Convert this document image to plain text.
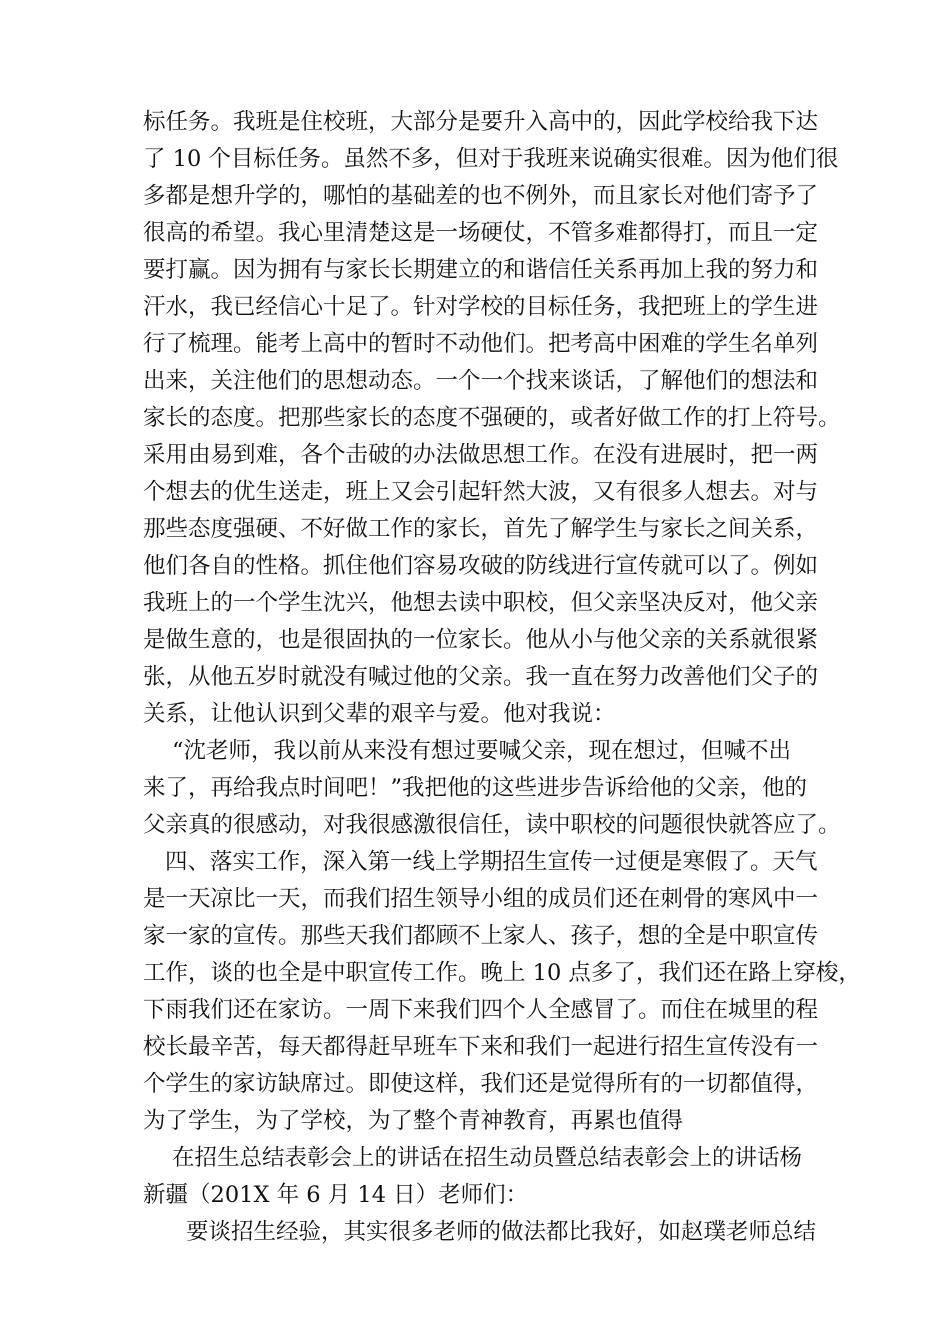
标任务。我班是住校班，大部分是要升入高中的，因此学校给我下达
了 10 个目标任务。虽然不多，但对于我班来说确实很难。因为他们很
多都是想升学的，哪怕的基础差的也不例外，而且家长对他们寄予了
很高的希望。我心里清楚这是一场硬仗，不管多难都得打，而且一定
要打赢。因为拥有与家长长期建立的和谐信任关系再加上我的努力和
汗水，我已经信心十足了。针对学校的目标任务，我把班上的学生进
行了梳理。能考上高中的暂时不动他们。把考高中困难的学生名单列
出来，关注他们的思想动态。一个一个找来谈话，了解他们的想法和
家长的态度。把那些家长的态度不强硬的，或者好做工作的打上符号。
采用由易到难，各个击破的办法做思想工作。在没有进展时，把一两
个想去的优生送走，班上又会引起轩然大波，又有很多人想去。对与
那些态度强硬、不好做工作的家长，首先了解学生与家长之间关系，
他们各自的性格。抓住他们容易攻破的防线进行宣传就可以了。例如
我班上的一个学生沈兴，他想去读中职校，但父亲坚决反对，他父亲
是做生意的，也是很固执的一位家长。他从小与他父亲的关系就很紧
张，从他五岁时就没有喊过他的父亲。我一直在努力改善他们父子的
关系，让他认识到父辈的艰辛与爱。他对我说：
“沈老师，我以前从来没有想过要喊父亲，现在想过，但喊不出
来了，再给我点时间吧！”我把他的这些进步告诉给他的父亲，他的
父亲真的很感动，对我很感激很信任，读中职校的问题很快就答应了。
四、落实工作，深入第一线上学期招生宣传一过便是寒假了。天气
是一天凉比一天，而我们招生领导小组的成员们还在刺骨的寒风中一
家一家的宣传。那些天我们都顾不上家人、孩子，想的全是中职宣传
工作，谈的也全是中职宣传工作。晚上 10 点多了，我们还在路上穿梭，
下雨我们还在家访。一周下来我们四个人全感冒了。而住在城里的程
校长最辛苦，每天都得赶早班车下来和我们一起进行招生宣传没有一
个学生的家访缺席过。即使这样，我们还是觉得所有的一切都值得，
为了学生，为了学校，为了整个青神教育，再累也值得
在招生总结表彰会上的讲话在招生动员暨总结表彰会上的讲话杨
新疆（201X 年 6 月 14 日）老师们：
要谈招生经验，其实很多老师的做法都比我好，如赵璞老师总结
